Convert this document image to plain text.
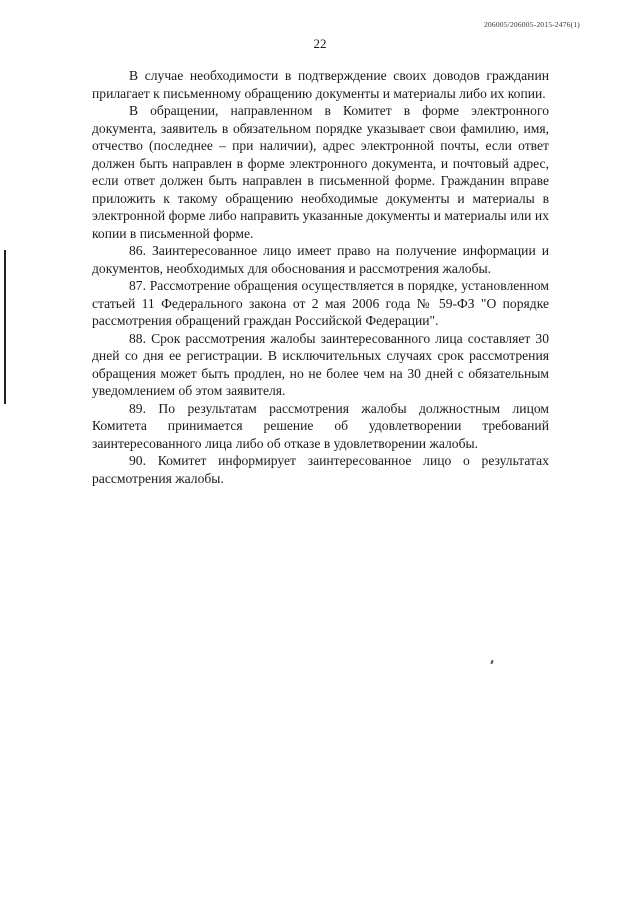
206005/206005-2015-2476(1)
22

В случае необходимости в подтверждение своих доводов гражданин прилагает к письменному обращению документы и материалы либо их копии.

В обращении, направленном в Комитет в форме электронного документа, заявитель в обязательном порядке указывает свои фамилию, имя, отчество (последнее – при наличии), адрес электронной почты, если ответ должен быть направлен в форме электронного документа, и почтовый адрес, если ответ должен быть направлен в письменной форме. Гражданин вправе приложить к такому обращению необходимые документы и материалы в электронной форме либо направить указанные документы и материалы или их копии в письменной форме.

86. Заинтересованное лицо имеет право на получение информации и документов, необходимых для обоснования и рассмотрения жалобы.

87. Рассмотрение обращения осуществляется в порядке, установленном статьей 11 Федерального закона от 2 мая 2006 года № 59-ФЗ "О порядке рассмотрения обращений граждан Российской Федерации".

88. Срок рассмотрения жалобы заинтересованного лица составляет 30 дней со дня ее регистрации. В исключительных случаях срок рассмотрения обращения может быть продлен, но не более чем на 30 дней с обязательным уведомлением об этом заявителя.

89. По результатам рассмотрения жалобы должностным лицом Комитета принимается решение об удовлетворении требований заинтересованного лица либо об отказе в удовлетворении жалобы.

90. Комитет информирует заинтересованное лицо о результатах рассмотрения жалобы.
